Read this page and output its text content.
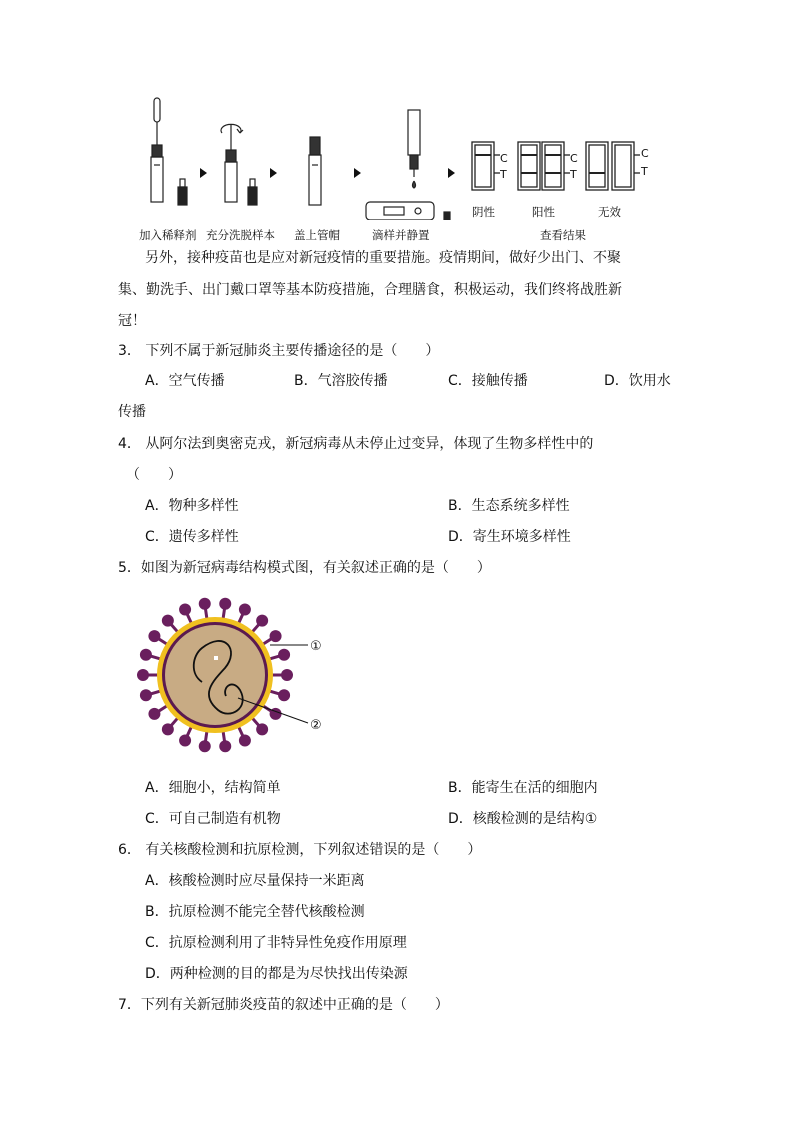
C
T
C
T
C
T
加入稀释剂 充分洗脱样本 盖上管帽	滴样并静置
阴性	阳性	无效
查看结果
另外，接种疫苗也是应对新冠疫情的重要措施。疫情期间，做好少出门、不聚
集、勤洗手、出门戴口罩等基本防疫措施，合理膳食，积极运动，我们终将战胜新
冠！
3． 下列不属于新冠肺炎主要传播途径的是（　　）
A．空气传播	B．气溶胶传播	C．接触传播	D．饮用水
传播
4． 从阿尔法到奥密克戎，新冠病毒从未停止过变异，体现了生物多样性中的
（　　）
A．物种多样性	B．生态系统多样性
C．遗传多样性	D．寄生环境多样性
5．如图为新冠病毒结构模式图，有关叙述正确的是（　　）
①
②
A．细胞小，结构简单	B．能寄生在活的细胞内
C．可自己制造有机物	D．核酸检测的是结构①
6． 有关核酸检测和抗原检测，下列叙述错误的是（　　）
A．核酸检测时应尽量保持一米距离
B．抗原检测不能完全替代核酸检测
C．抗原检测利用了非特异性免疫作用原理
D．两种检测的目的都是为尽快找出传染源
7．下列有关新冠肺炎疫苗的叙述中正确的是（　　）
